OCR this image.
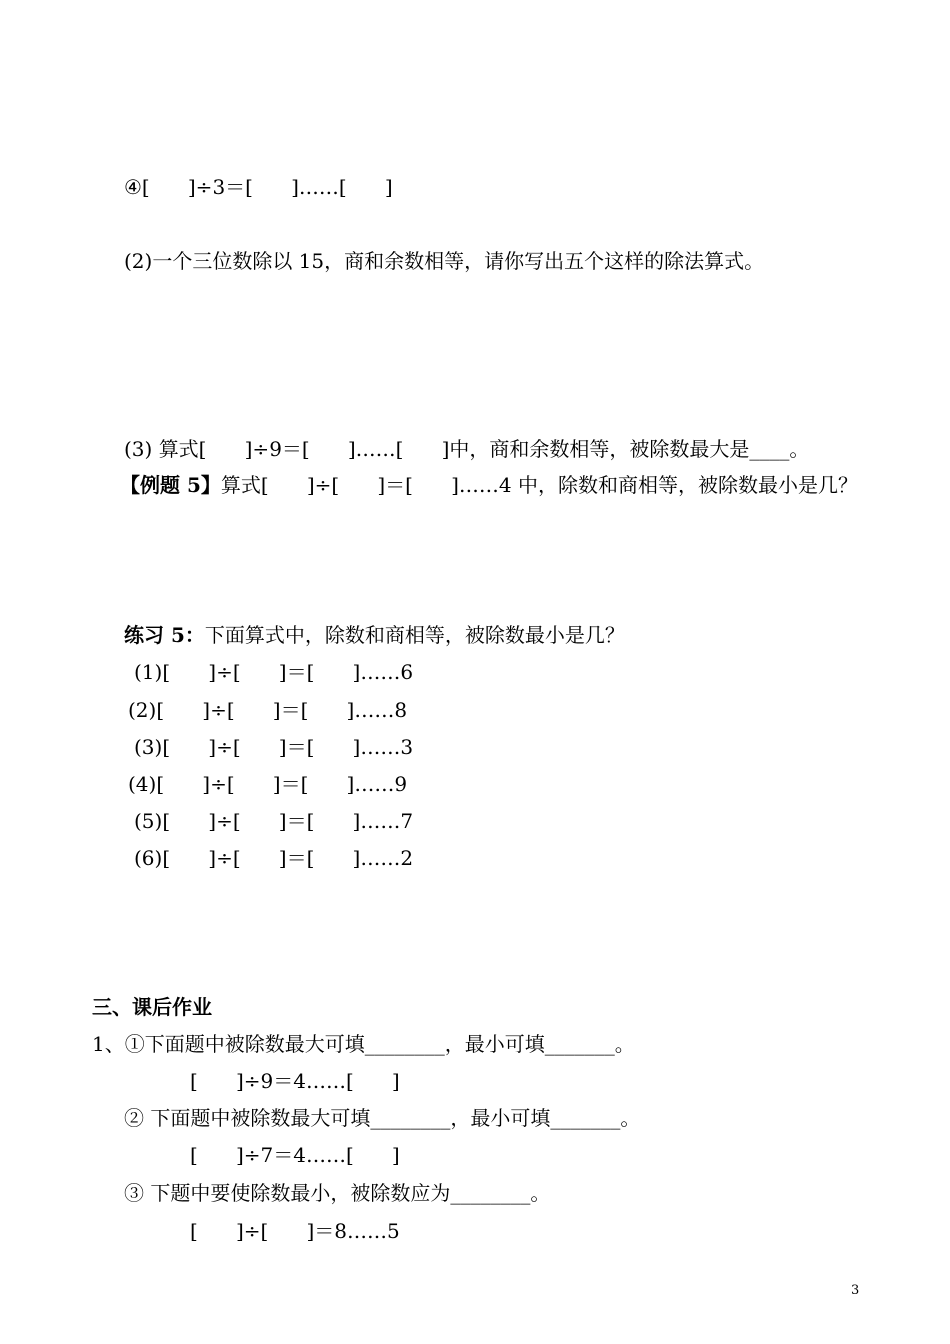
④[      ]÷3＝[      ]……[      ]
(2)一个三位数除以 15，商和余数相等，请你写出五个这样的除法算式。
(3) 算式[      ]÷9＝[      ]……[      ]中，商和余数相等，被除数最大是____。
【例题 5】算式[      ]÷[      ]＝[      ]……4 中，除数和商相等，被除数最小是几？
练习 5：下面算式中，除数和商相等，被除数最小是几？
(1)[      ]÷[      ]＝[      ]……6
(2)[      ]÷[      ]＝[      ]……8
(3)[      ]÷[      ]＝[      ]……3
(4)[      ]÷[      ]＝[      ]……9
(5)[      ]÷[      ]＝[      ]……7
(6)[      ]÷[      ]＝[      ]……2
三、课后作业
1、①下面题中被除数最大可填________，最小可填_______。
[      ]÷9＝4……[      ]
② 下面题中被除数最大可填________，最小可填_______。
[      ]÷7＝4……[      ]
③ 下题中要使除数最小，被除数应为________。
[      ]÷[      ]＝8……5
3
